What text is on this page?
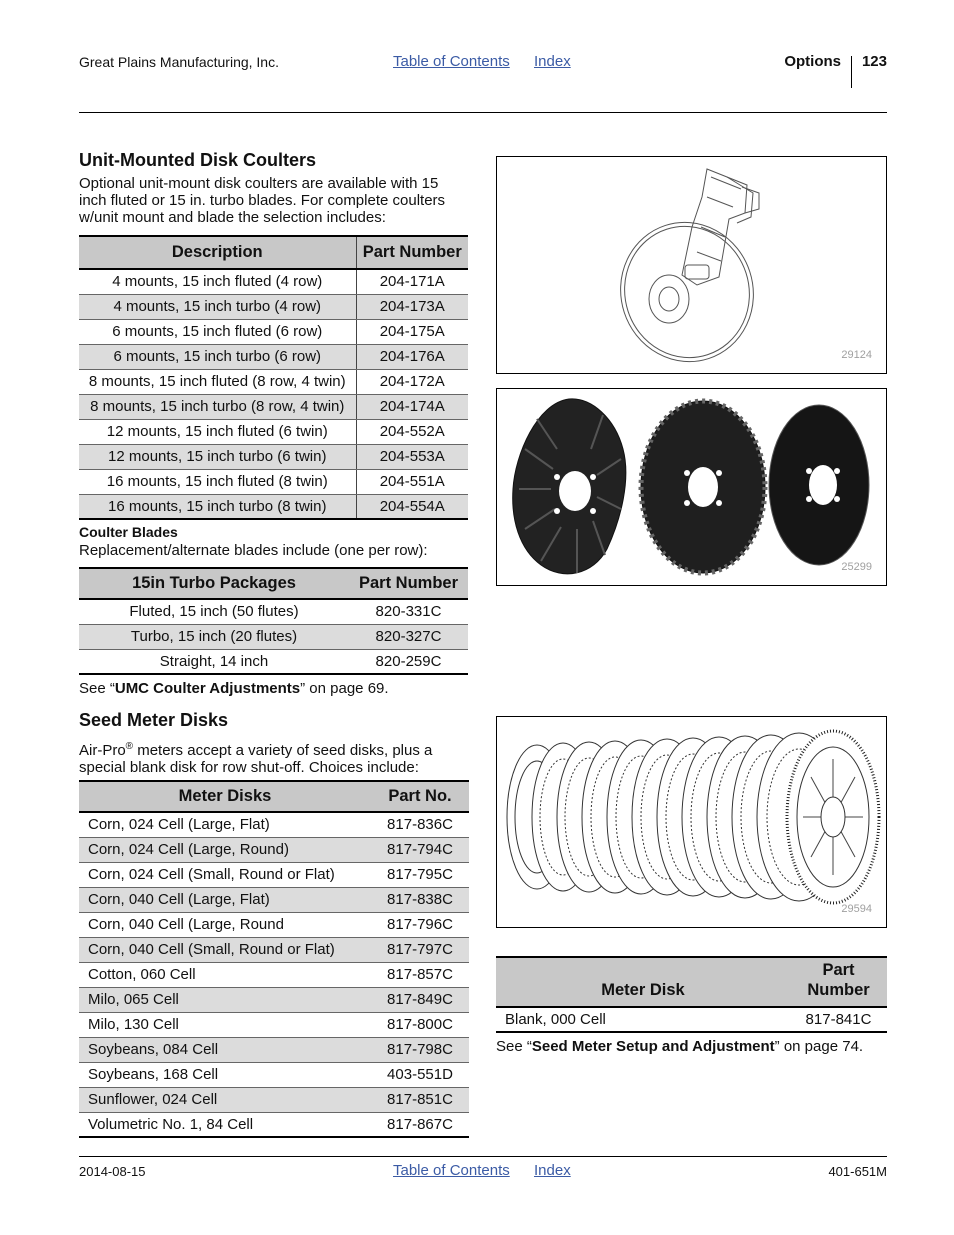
Great Plains Manufacturing, Inc.	Table of Contents Index	Options 123
Unit-Mounted Disk Coulters
Optional unit-mount disk coulters are available with 15 inch fluted or 15 in. turbo blades. For complete coulters w/unit mount and blade the selection includes:
Description	Part Number
4 mounts, 15 inch fluted (4 row)	204-171A
4 mounts, 15 inch turbo (4 row)	204-173A
6 mounts, 15 inch fluted (6 row)	204-175A
6 mounts, 15 inch turbo (6 row)	204-176A
8 mounts, 15 inch fluted (8 row, 4 twin)	204-172A
8 mounts, 15 inch turbo (8 row, 4 twin)	204-174A
12 mounts, 15 inch fluted (6 twin)	204-552A
12 mounts, 15 inch turbo (6 twin)	204-553A
16 mounts, 15 inch fluted (8 twin)	204-551A
16 mounts, 15 inch turbo (8 twin)	204-554A
Coulter Blades
Replacement/alternate blades include (one per row):
15in Turbo Packages	Part Number
Fluted, 15 inch (50 flutes)	820-331C
Turbo, 15 inch (20 flutes)	820-327C
Straight, 14 inch	820-259C
See “UMC Coulter Adjustments” on page 69.
Seed Meter Disks
Air-Pro® meters accept a variety of seed disks, plus a special blank disk for row shut-off. Choices include:
Meter Disks	Part No.
Corn, 024 Cell (Large, Flat)	817-836C
Corn, 024 Cell (Large, Round)	817-794C
Corn, 024 Cell (Small, Round or Flat)	817-795C
Corn, 040 Cell (Large, Flat)	817-838C
Corn, 040 Cell (Large, Round	817-796C
Corn, 040 Cell (Small, Round or Flat)	817-797C
Cotton, 060 Cell	817-857C
Milo, 065 Cell	817-849C
Milo, 130 Cell	817-800C
Soybeans, 084 Cell	817-798C
Soybeans, 168 Cell	403-551D
Sunflower, 024 Cell	817-851C
Volumetric No. 1, 84 Cell	817-867C
29124
25299
29594
Meter Disk	Part
Number

Blank, 000 Cell	817-841C
See “Seed Meter Setup and Adjustment” on page 74.
2014-08-15	Table of Contents Index	401-651M
